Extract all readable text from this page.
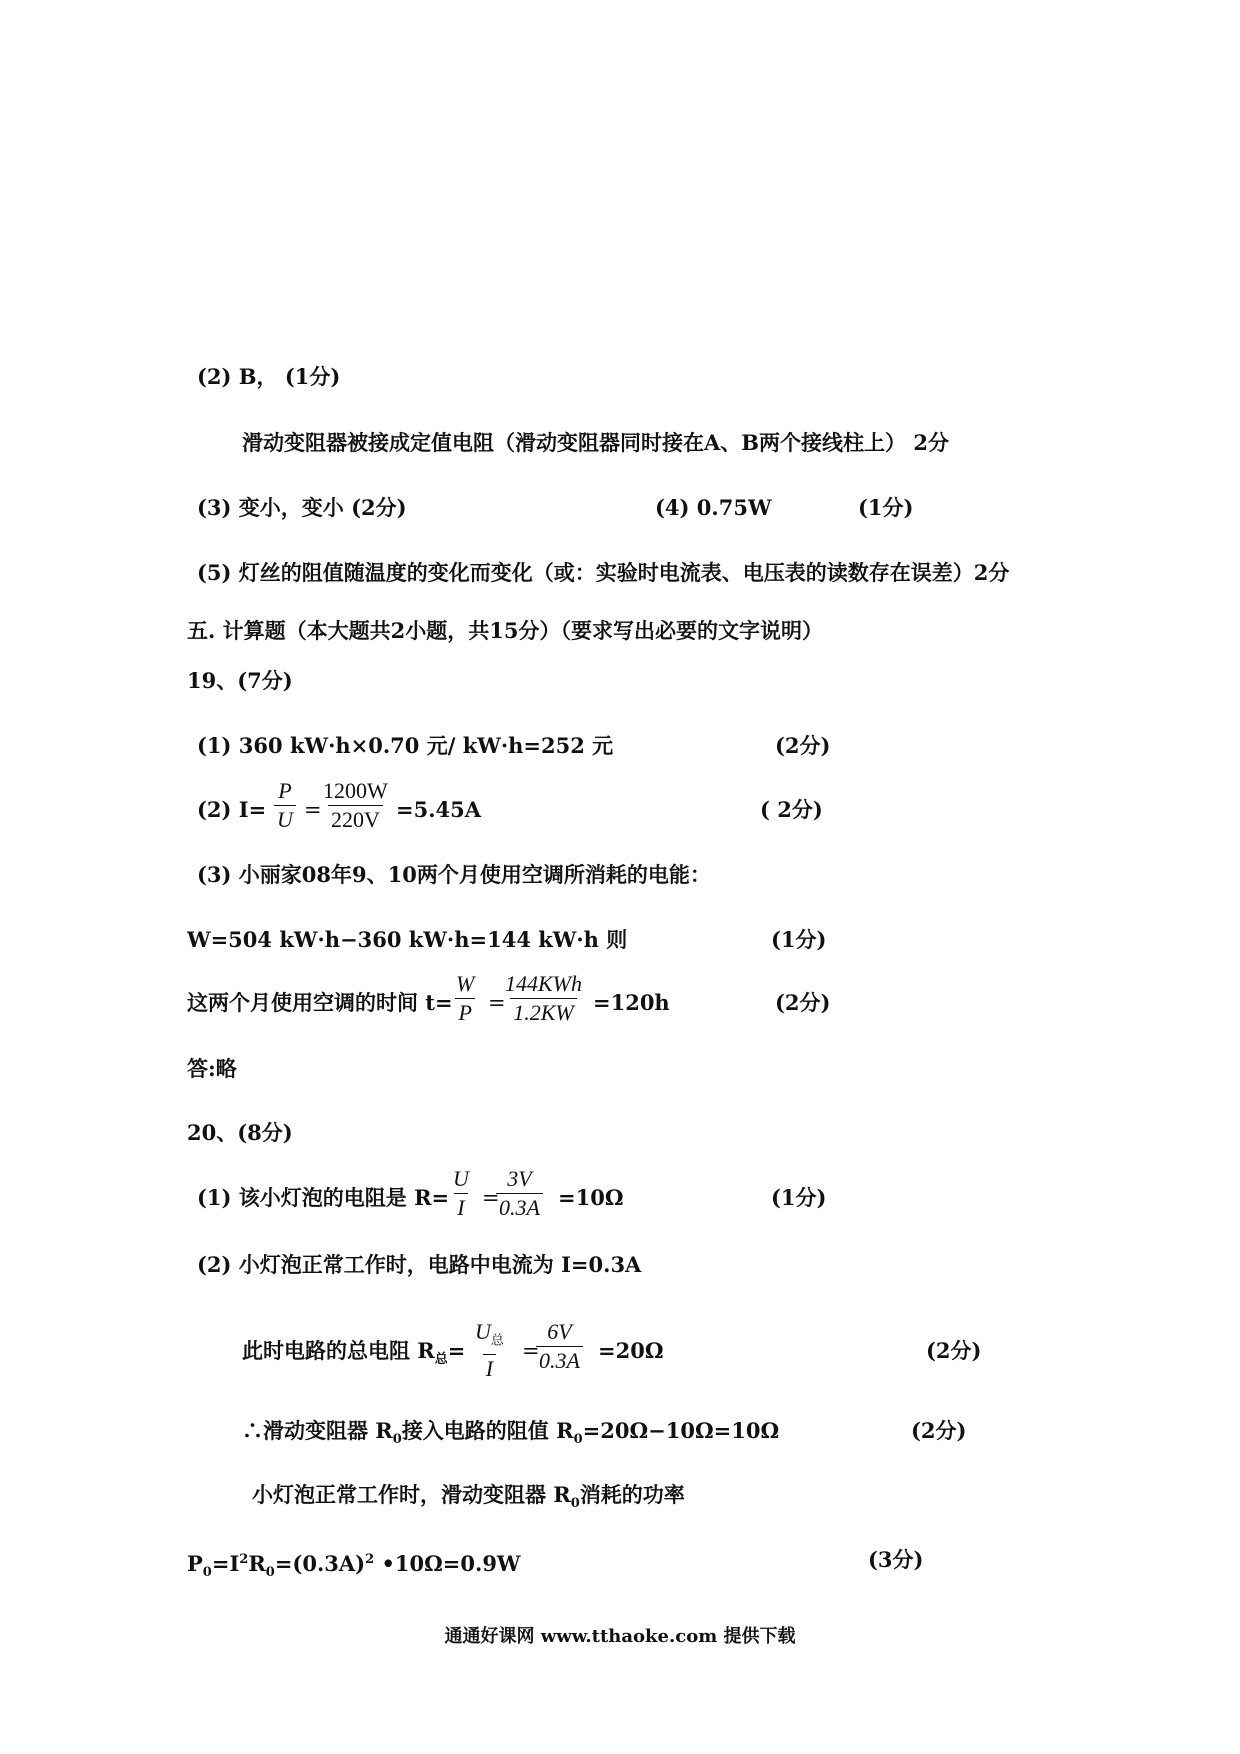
(2) B， (1分)
滑动变阻器被接成定值电阻（滑动变阻器同时接在A、B两个接线柱上） 2分
(3) 变小，变小 (2分)	(4) 0.75W	(1分)
(5) 灯丝的阻值随温度的变化而变化（或：实验时电流表、电压表的读数存在误差）2分
五. 计算题（本大题共2小题，共15分）（要求写出必要的文字说明）
19、(7分)
(1) 360 kW·h×0.70 元/ kW·h=252 元	(2分)
(2) $I= \frac{P}{U}$ =
$\frac{1200W}{220V} =5.45A$	( 2分)
(3) 小丽家08年9、10两个月使用空调所消耗的电能：
W=504 kW·h−360 kW·h=144 kW·h 则	(1分)
这两个月使用空调的时间 $t= \frac{W}{P}$ =
144KWh
1.2KW =120h	(2分)
答:略
20、(8分)
(1) 该小灯泡的电阻是 $R= \frac{U}{I}$ =
$\frac{3V}{0.3A} =10\Omega$	(1分)
(2) 小灯泡正常工作时，电路中电流为 I=0.3A
此时电路的总电阻 $R_总=$
$U_总$
I
=
$\frac{6V}{0.3A} =20\Omega$	(2分)
∴滑动变阻器 $R_0$接入电路的阻值 $R_0=20\Omega-10\Omega=10\Omega$	(2分)
小灯泡正常工作时，滑动变阻器 $R_0$消耗的功率
$P_0=I^2R_0=(0.3A)^2$ •10Ω=0.9W	(3分)
通通好课网 www.tthaoke.com 提供下载
